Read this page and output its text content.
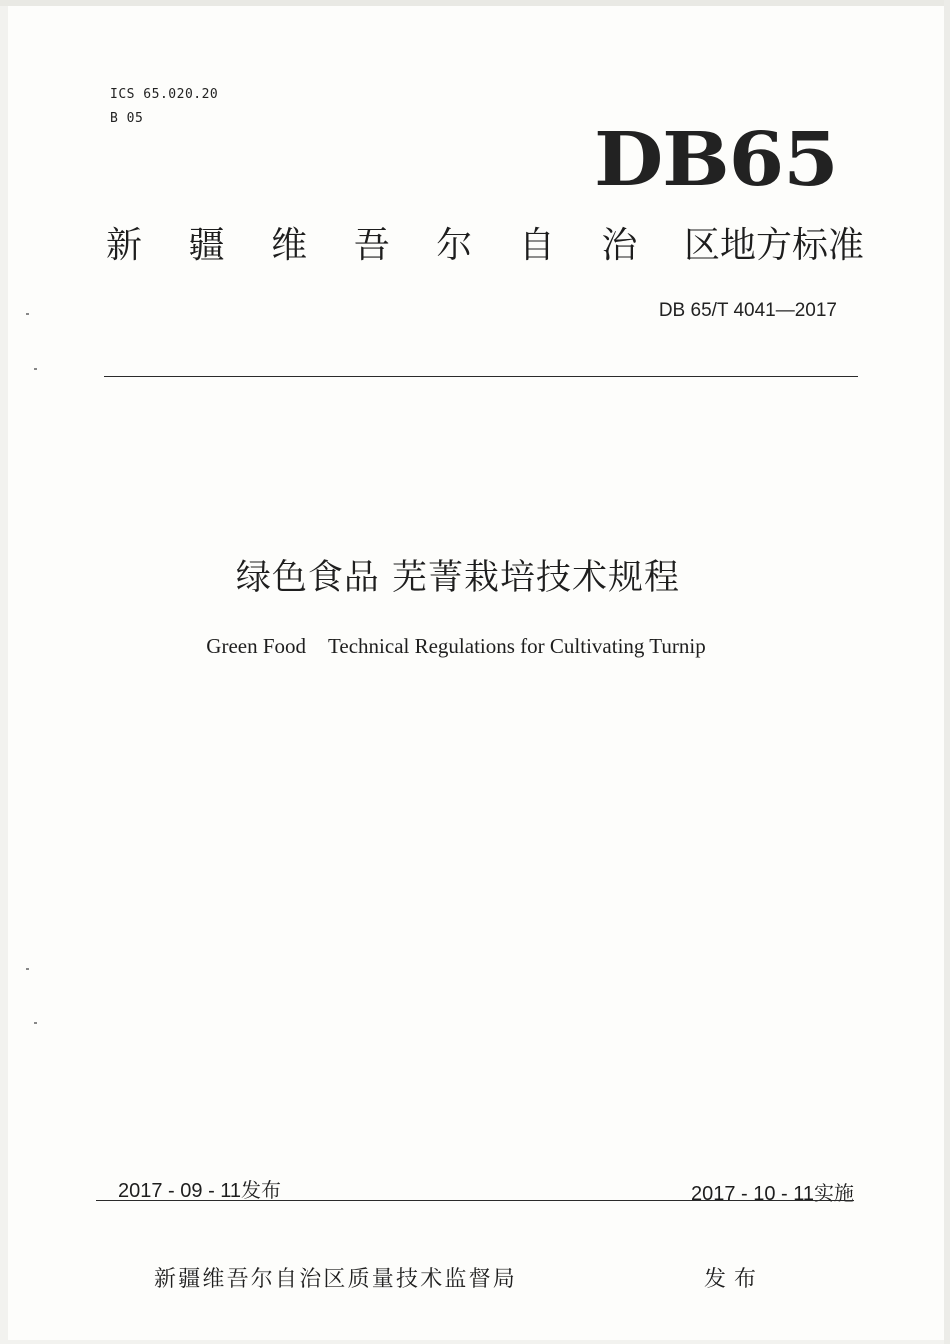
ICS 65.020.20
B 05	DB65
新 疆 维 吾 尔 自 治 区地方标准
DB 65/T 4041—2017
绿色食品 芜菁栽培技术规程
Green Food Technical Regulations for Cultivating Turnip
2017 - 09 - 11发布	2017 - 10 - 11实施
新疆维吾尔自治区质量技术监督局	发布
